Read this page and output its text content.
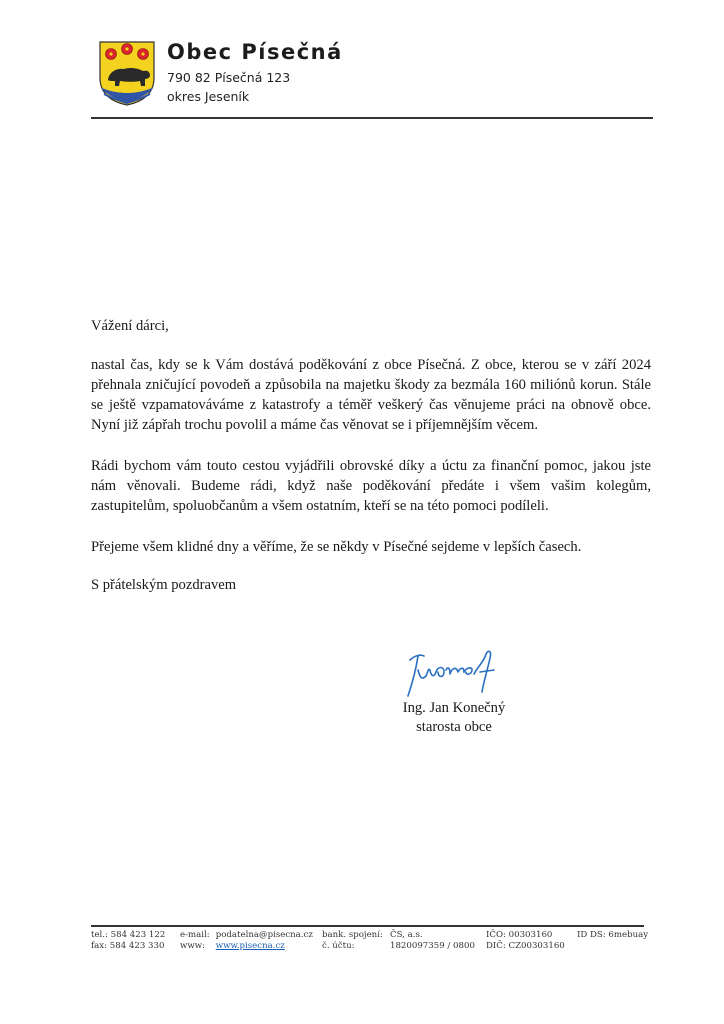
Obec Písečná
790 82 Písečná 123
okres Jeseník
Vážení dárci,
nastal čas, kdy se k Vám dostává poděkování z obce Písečná. Z obce, kterou se v září 2024 přehnala zničující povodeň a způsobila na majetku škody za bezmála 160 miliónů korun. Stále se ještě vzpamatováváme z katastrofy a téměř veškerý čas věnujeme práci na obnově obce. Nyní již zápřah trochu povolil a máme čas věnovat se i příjemnějším věcem.
Rádi bychom vám touto cestou vyjádřili obrovské díky a úctu za finanční pomoc, jakou jste nám věnovali. Budeme rádi, když naše poděkování předáte i všem vašim kolegům, zastupitelům, spoluobčanům a všem ostatním, kteří se na této pomoci podíleli.
Přejeme všem klidné dny a věříme, že se někdy v Písečné sejdeme v lepších časech.
S přátelským pozdravem
Ing. Jan Konečný
starosta obce
tel.: 584 423 122
fax: 584 423 330
e-mail: podatelna@pisecna.cz
www: www.pisecna.cz
bank. spojení:
č. účtu:
ČS, a.s.
1820097359 / 0800
IČO: 00303160
DIČ: CZ00303160
ID DS: 6mebuay
